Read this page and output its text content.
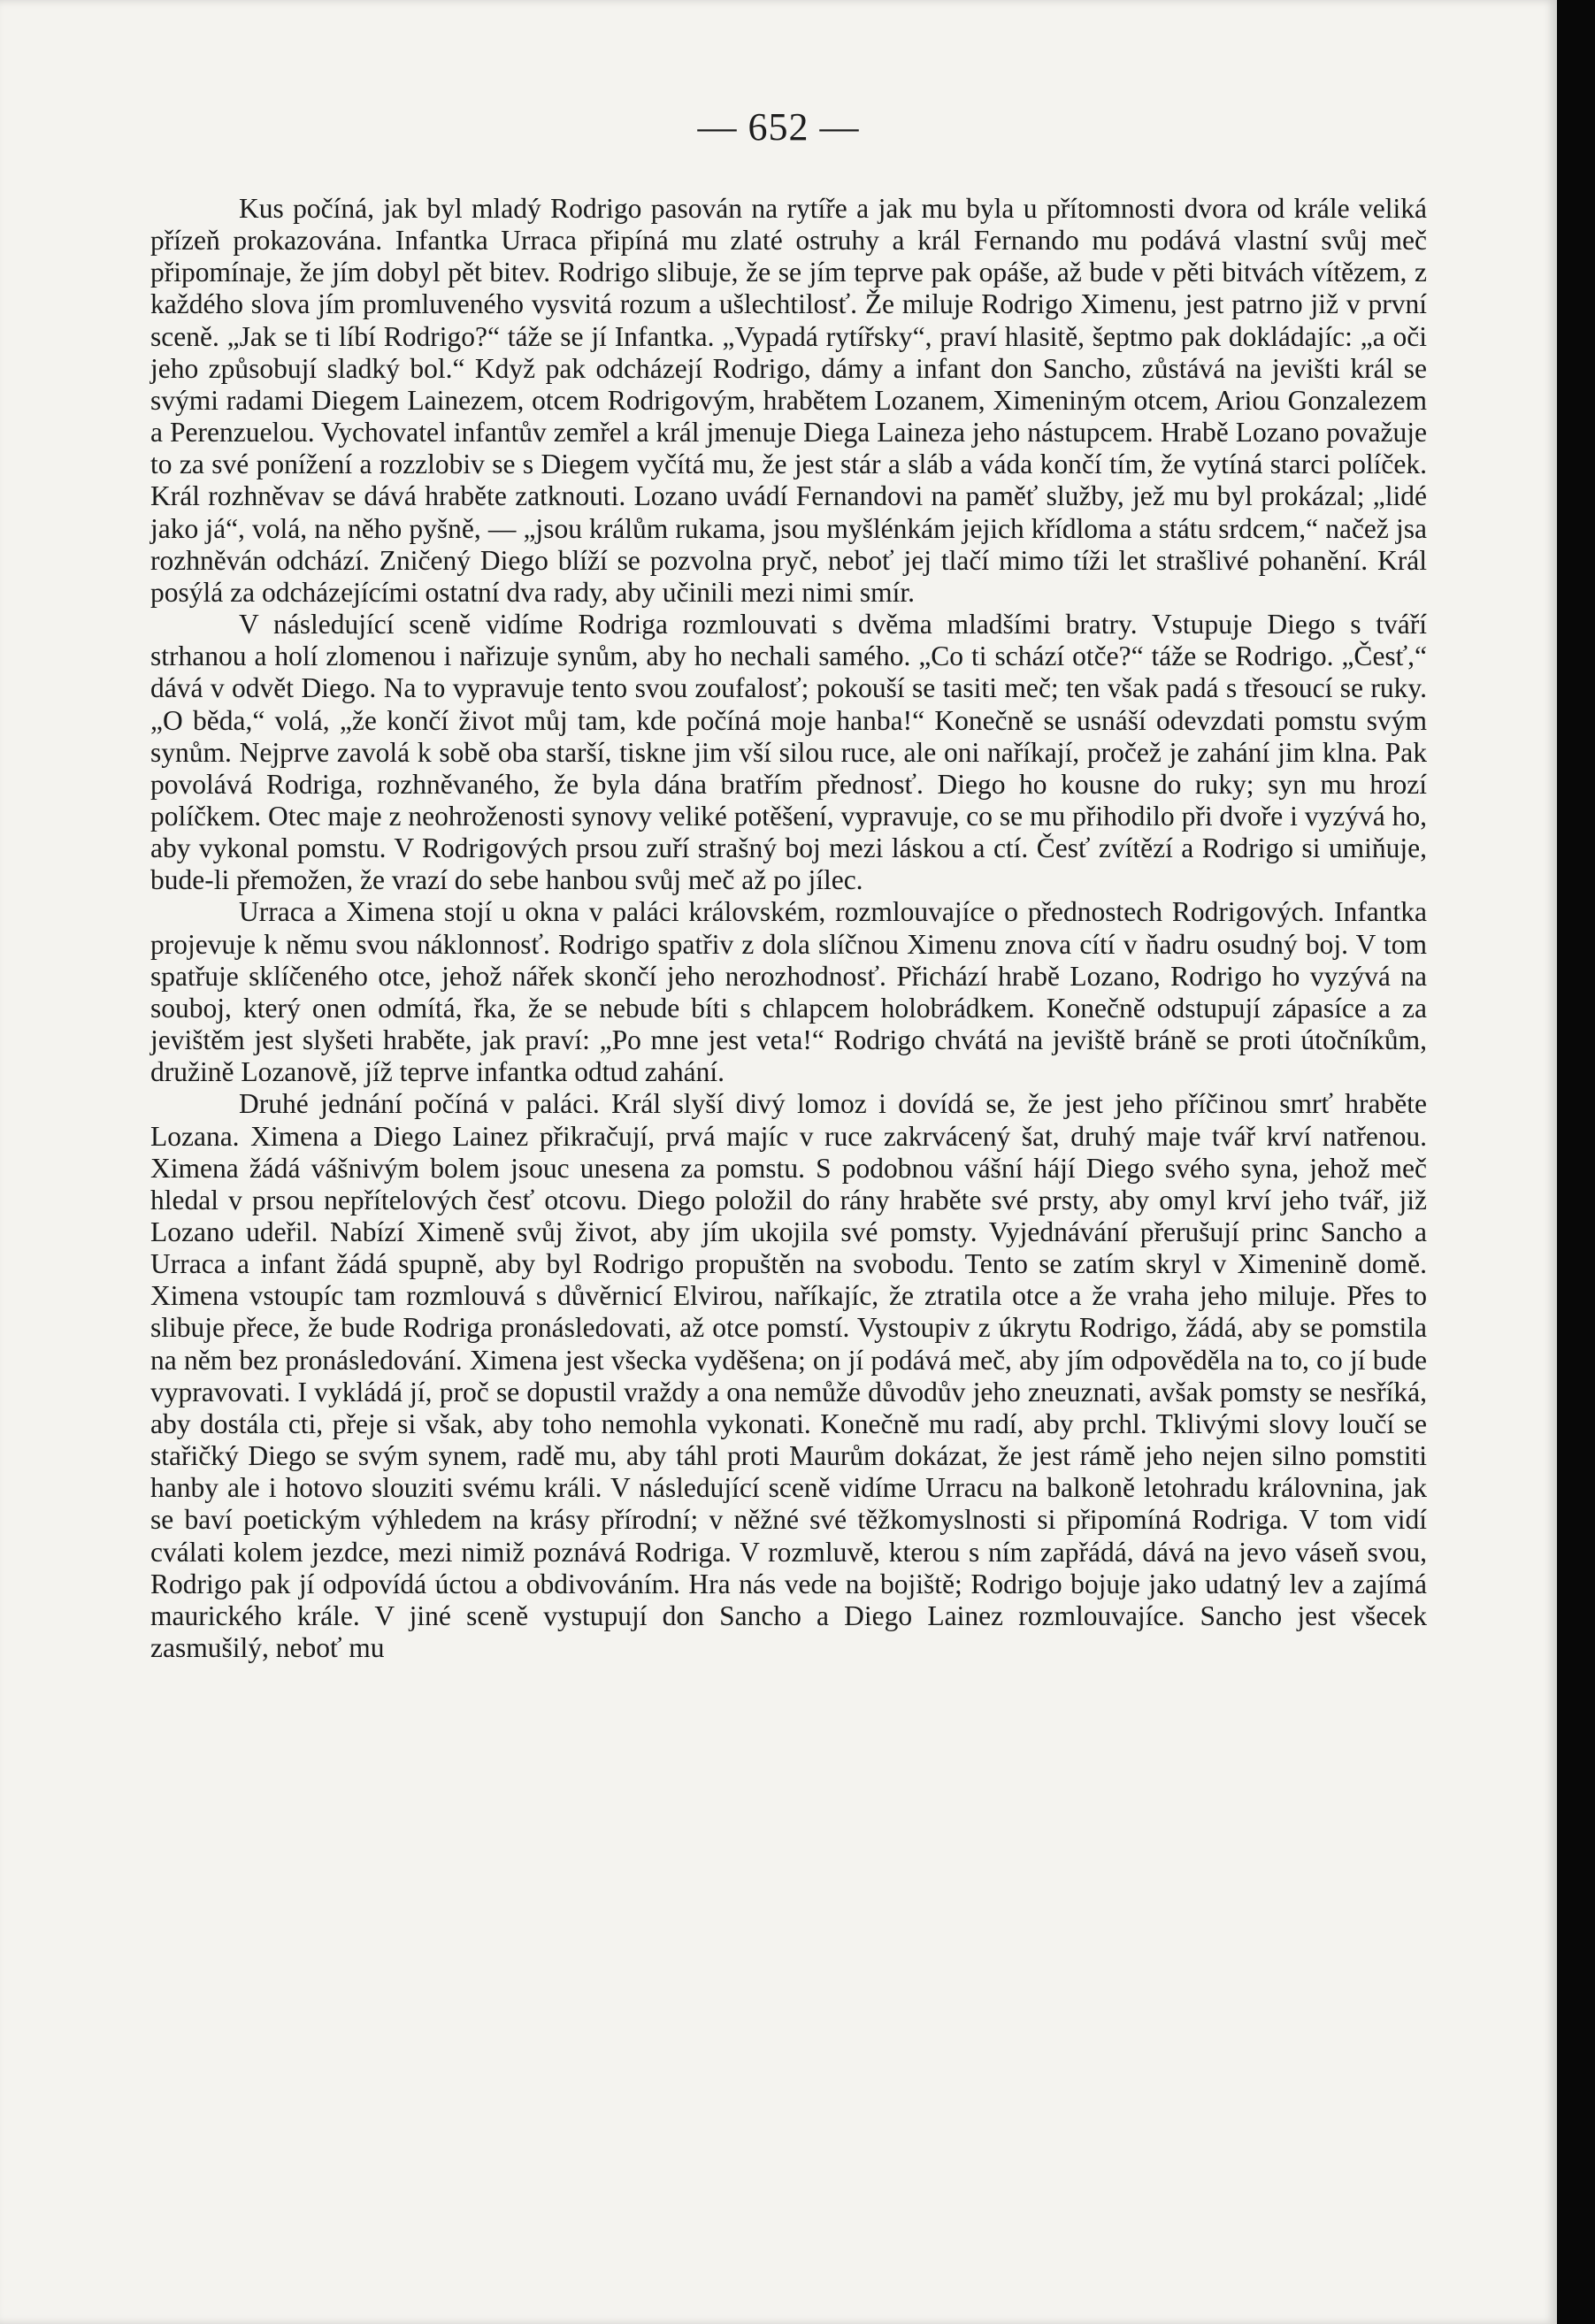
— 652 —

Kus počíná, jak byl mladý Rodrigo pasován na rytíře a jak mu byla u přítomnosti dvora od krále veliká přízeň prokazována. Infantka Urraca připíná mu zlaté ostruhy a král Fernando mu podává vlastní svůj meč připomínaje, že jím dobyl pět bitev. Rodrigo slibuje, že se jím teprve pak opáše, až bude v pěti bitvách vítězem, z každého slova jím promluveného vysvitá rozum a ušlechtilosť. Že miluje Rodrigo Ximenu, jest patrno již v první sceně. „Jak se ti líbí Rodrigo?“ táže se jí Infantka. „Vypadá rytířsky“, praví hlasitě, šeptmo pak dokládajíc: „a oči jeho způsobují sladký bol.“ Když pak odcházejí Rodrigo, dámy a infant don Sancho, zůstává na jevišti král se svými radami Diegem Lainezem, otcem Rodrigovým, hrabětem Lozanem, Ximeniným otcem, Ariou Gonzalezem a Perenzuelou. Vychovatel infantův zemřel a král jmenuje Diega Laineza jeho nástupcem. Hrabě Lozano považuje to za své ponížení a rozzlobiv se s Diegem vyčítá mu, že jest stár a sláb a váda končí tím, že vytíná starci políček. Král rozhněvav se dává hraběte zatknouti. Lozano uvádí Fernandovi na paměť služby, jež mu byl prokázal; „lidé jako já“, volá, na něho pyšně, — „jsou králům rukama, jsou myšlénkám jejich křídloma a státu srdcem,“ načež jsa rozhněván odchází. Zničený Diego blíží se pozvolna pryč, neboť jej tlačí mimo tíži let strašlivé pohanění. Král posýlá za odcházejícími ostatní dva rady, aby učinili mezi nimi smír.

V následující sceně vidíme Rodriga rozmlouvati s dvěma mladšími bratry. Vstupuje Diego s tváří strhanou a holí zlomenou i nařizuje synům, aby ho nechali samého. „Co ti schází otče?“ táže se Rodrigo. „Česť,“ dává v odvět Diego. Na to vypravuje tento svou zoufalosť; pokouší se tasiti meč; ten však padá s třesoucí se ruky. „O běda,“ volá, „že končí život můj tam, kde počíná moje hanba!“ Konečně se usnáší odevzdati pomstu svým synům. Nejprve zavolá k sobě oba starší, tiskne jim vší silou ruce, ale oni naříkají, pročež je zahání jim klna. Pak povolává Rodriga, rozhněvaného, že byla dána bratřím přednosť. Diego ho kousne do ruky; syn mu hrozí políčkem. Otec maje z neohroženosti synovy veliké potěšení, vypravuje, co se mu přihodilo při dvoře i vyzývá ho, aby vykonal pomstu. V Rodrigových prsou zuří strašný boj mezi láskou a ctí. Česť zvítězí a Rodrigo si umiňuje, bude-li přemožen, že vrazí do sebe hanbou svůj meč až po jílec.

Urraca a Ximena stojí u okna v paláci královském, rozmlouvajíce o přednostech Rodrigových. Infantka projevuje k němu svou náklonnosť. Rodrigo spatřiv z dola slíčnou Ximenu znova cítí v ňadru osudný boj. V tom spatřuje sklíčeného otce, jehož nářek skončí jeho nerozhodnosť. Přichází hrabě Lozano, Rodrigo ho vyzývá na souboj, který onen odmítá, řka, že se nebude bíti s chlapcem holobrádkem. Konečně odstupují zápasíce a za jevištěm jest slyšeti hraběte, jak praví: „Po mne jest veta!“ Rodrigo chvátá na jeviště bráně se proti útočníkům, družině Lozanově, jíž teprve infantka odtud zahání.

Druhé jednání počíná v paláci. Král slyší divý lomoz i dovídá se, že jest jeho příčinou smrť hraběte Lozana. Ximena a Diego Lainez přikračují, prvá majíc v ruce zakrvácený šat, druhý maje tvář krví natřenou. Ximena žádá vášnivým bolem jsouc unesena za pomstu. S podobnou vášní hájí Diego svého syna, jehož meč hledal v prsou nepřítelových česť otcovu. Diego položil do rány hraběte své prsty, aby omyl krví jeho tvář, již Lozano udeřil. Nabízí Ximeně svůj život, aby jím ukojila své pomsty. Vyjednávání přerušují princ Sancho a Urraca a infant žádá spupně, aby byl Rodrigo propuštěn na svobodu. Tento se zatím skryl v Ximenině domě. Ximena vstoupíc tam rozmlouvá s důvěrnicí Elvirou, naříkajíc, že ztratila otce a že vraha jeho miluje. Přes to slibuje přece, že bude Rodriga pronásledovati, až otce pomstí. Vystoupiv z úkrytu Rodrigo, žádá, aby se pomstila na něm bez pronásledování. Ximena jest všecka vyděšena; on jí podává meč, aby jím odpověděla na to, co jí bude vypravovati. I vykládá jí, proč se dopustil vraždy a ona nemůže důvodův jeho zneuznati, avšak pomsty se nesříká, aby dostála cti, přeje si však, aby toho nemohla vykonati. Konečně mu radí, aby prchl. Tklivými slovy loučí se stařičký Diego se svým synem, radě mu, aby táhl proti Maurům dokázat, že jest rámě jeho nejen silno pomstiti hanby ale i hotovo slouziti svému králi. V následující sceně vidíme Urracu na balkoně letohradu královnina, jak se baví poetickým výhledem na krásy přírodní; v něžné své těžkomyslnosti si připomíná Rodriga. V tom vidí cválati kolem jezdce, mezi nimiž poznává Rodriga. V rozmluvě, kterou s ním zapřádá, dává na jevo váseň svou, Rodrigo pak jí odpovídá úctou a obdivováním. Hra nás vede na bojiště; Rodrigo bojuje jako udatný lev a zajímá maurického krále. V jiné sceně vystupují don Sancho a Diego Lainez rozmlouvajíce. Sancho jest všecek zasmušilý, neboť mu
